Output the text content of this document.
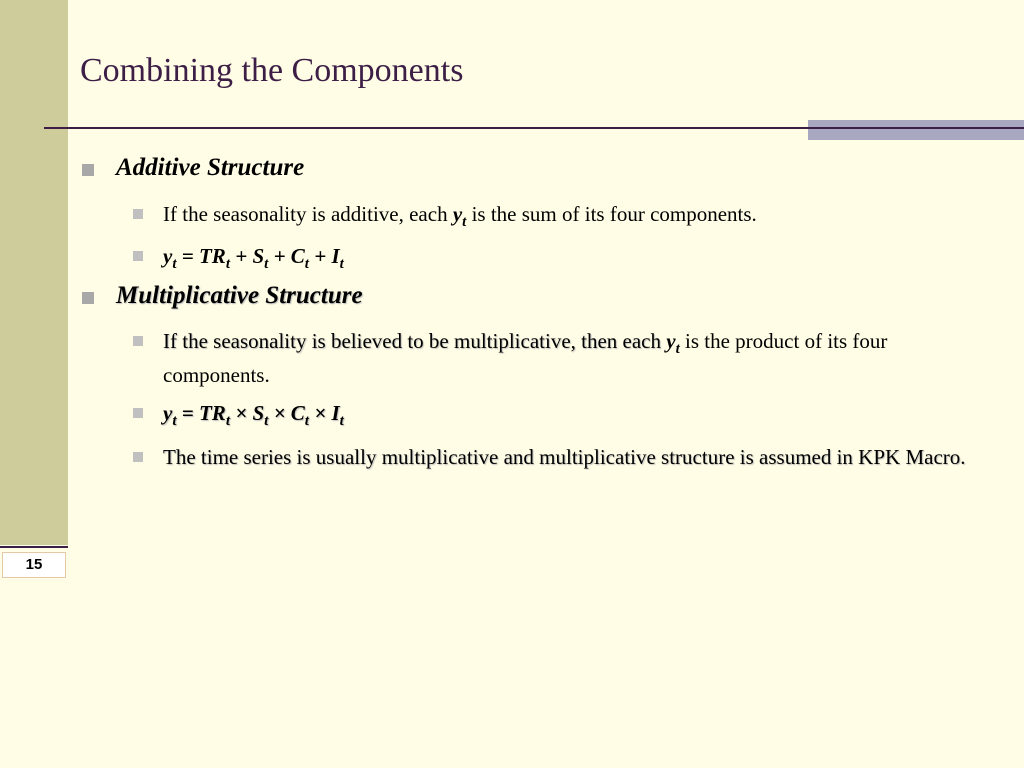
15
Combining the Components
Additive Structure
If the seasonality is additive, each $y_t$ is the sum of its four components.
$y_t = TR_t + S_t + C_t + I_t$
Multiplicative Structure
If the seasonality is believed to be multiplicative, then each $y_t$ is the product of its four components.
$y_t = TR_t \times S_t \times C_t \times I_t$
The time series is usually multiplicative and multiplicative structure is assumed in KPK Macro.
